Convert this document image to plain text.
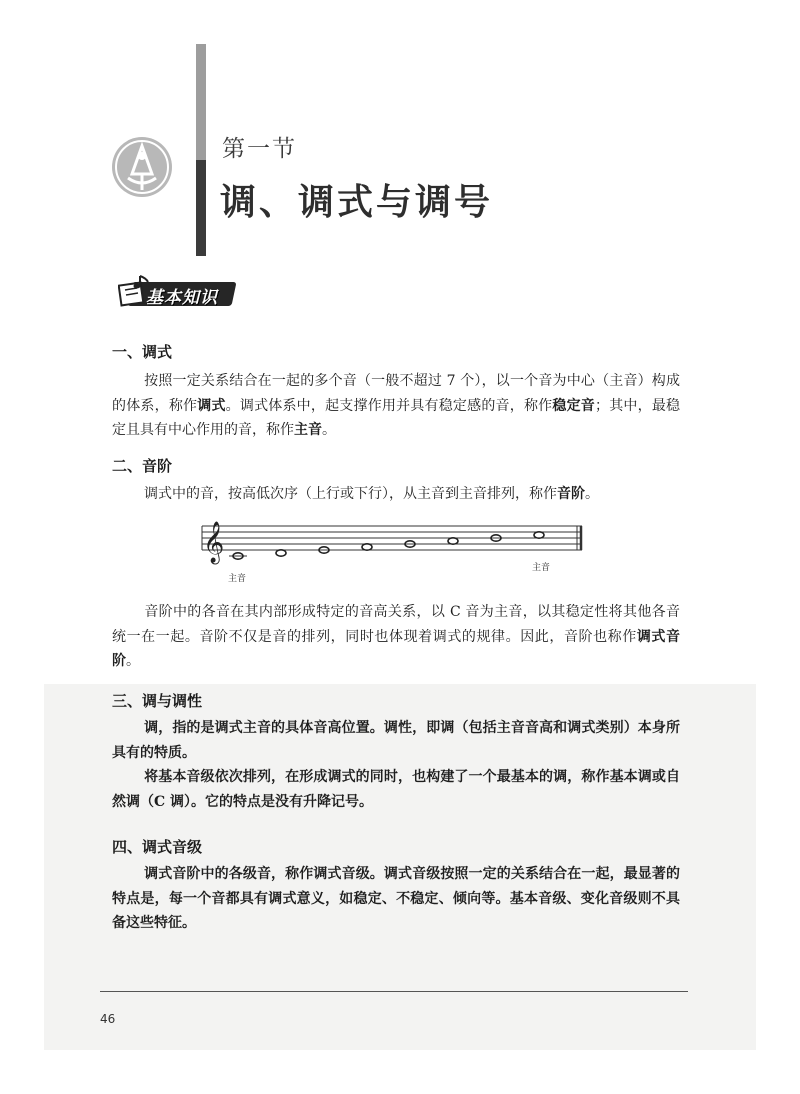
第一节
调、调式与调号
基本知识
一、调式

按照一定关系结合在一起的多个音（一般不超过 7 个），以一个音为中心（主音）构成的体系，称作调式。调式体系中，起支撑作用并具有稳定感的音，称作稳定音；其中，最稳定且具有中心作用的音，称作主音。

二、音阶

调式中的音，按高低次序（上行或下行），从主音到主音排列，称作音阶。

𝄞
主音
主音

音阶中的各音在其内部形成特定的音高关系，以 C 音为主音，以其稳定性将其他各音统一在一起。音阶不仅是音的排列，同时也体现着调式的规律。因此，音阶也称作调式音阶。

三、调与调性

调，指的是调式主音的具体音高位置。调性，即调（包括主音音高和调式类别）本身所具有的特质。

将基本音级依次排列，在形成调式的同时，也构建了一个最基本的调，称作基本调或自然调（C 调）。它的特点是没有升降记号。

四、调式音级

调式音阶中的各级音，称作调式音级。调式音级按照一定的关系结合在一起，最显著的特点是，每一个音都具有调式意义，如稳定、不稳定、倾向等。基本音级、变化音级则不具备这些特征。

46
